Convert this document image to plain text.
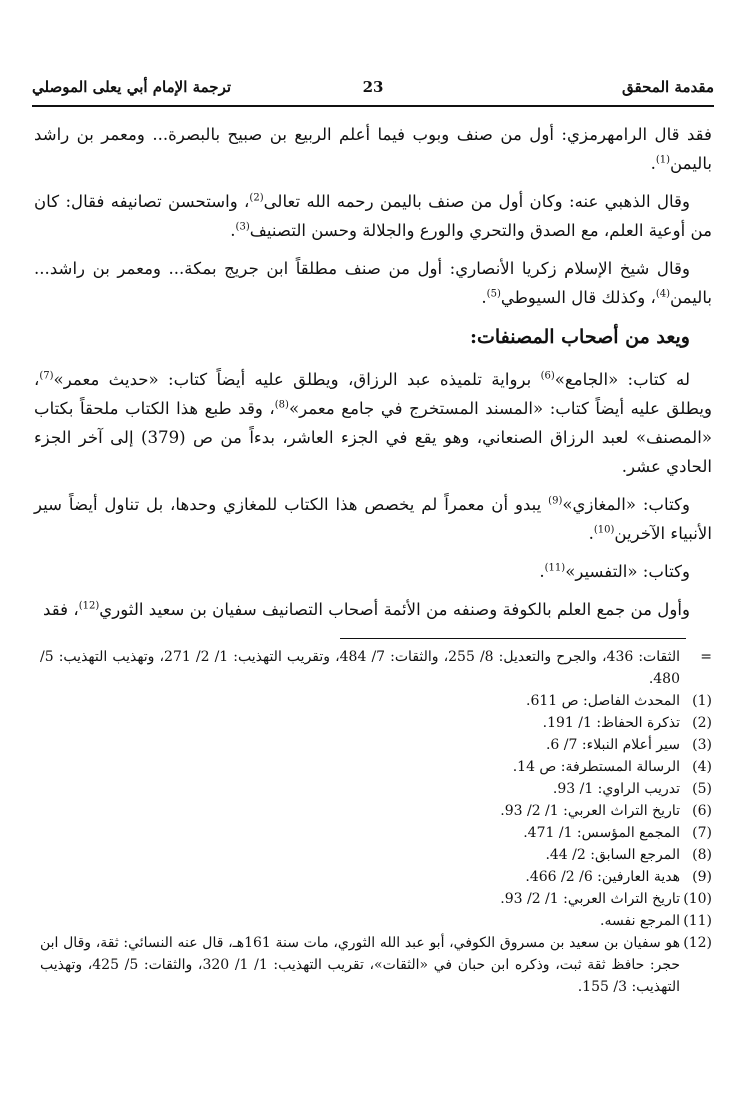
مقدمة المحقق
23
ترجمة الإمام أبي يعلى الموصلي

فقد قال الرامهرمزي: أول من صنف وبوب فيما أعلم الربيع بن صبيح بالبصرة... ومعمر بن راشد باليمن$^{(1)}$.

وقال الذهبي عنه: وكان أول من صنف باليمن رحمه الله تعالى$^{(2)}$، واستحسن تصانيفه فقال: كان من أوعية العلم، مع الصدق والتحري والورع والجلالة وحسن التصنيف$^{(3)}$.

وقال شيخ الإسلام زكريا الأنصاري: أول من صنف مطلقاً ابن جريج بمكة... ومعمر بن راشد... باليمن$^{(4)}$، وكذلك قال السيوطي$^{(5)}$.

ويعد من أصحاب المصنفات:

له كتاب: «الجامع»$^{(6)}$ برواية تلميذه عبد الرزاق، ويطلق عليه أيضاً كتاب: «حديث معمر»$^{(7)}$، ويطلق عليه أيضاً كتاب: «المسند المستخرج في جامع معمر»$^{(8)}$، وقد طبع هذا الكتاب ملحقاً بكتاب «المصنف» لعبد الرزاق الصنعاني، وهو يقع في الجزء العاشر، بدءاً من ص (379) إلى آخر الجزء الحادي عشر.

وكتاب: «المغازي»$^{(9)}$ يبدو أن معمراً لم يخصص هذا الكتاب للمغازي وحدها، بل تناول أيضاً سير الأنبياء الآخرين$^{(10)}$.

وكتاب: «التفسير»$^{(11)}$.

وأول من جمع العلم بالكوفة وصنفه من الأئمة أصحاب التصانيف سفيان بن سعيد الثوري$^{(12)}$، فقد

=
الثقات: 436، والجرح والتعديل: 8/ 255، والثقات: 7/ 484، وتقريب التهذيب: 1/ 2/ 271، وتهذيب التهذيب: 5/ 480.
(1)
المحدث الفاصل: ص 611.
(2)
تذكرة الحفاظ: 1/ 191.
(3)
سير أعلام النبلاء: 7/ 6.
(4)
الرسالة المستطرفة: ص 14.
(5)
تدريب الراوي: 1/ 93.
(6)
تاريخ التراث العربي: 1/ 2/ 93.
(7)
المجمع المؤسس: 1/ 471.
(8)
المرجع السابق: 2/ 44.
(9)
هدية العارفين: 6/ 2/ 466.
(10)
تاريخ التراث العربي: 1/ 2/ 93.
(11)
المرجع نفسه.
(12)
هو سفيان بن سعيد بن مسروق الكوفي، أبو عبد الله الثوري، مات سنة 161هـ، قال عنه النسائي: ثقة، وقال ابن حجر: حافظ ثقة ثبت، وذكره ابن حبان في «الثقات»، تقريب التهذيب: 1/ 1/ 320، والثقات: 5/ 425، وتهذيب التهذيب: 3/ 155.
